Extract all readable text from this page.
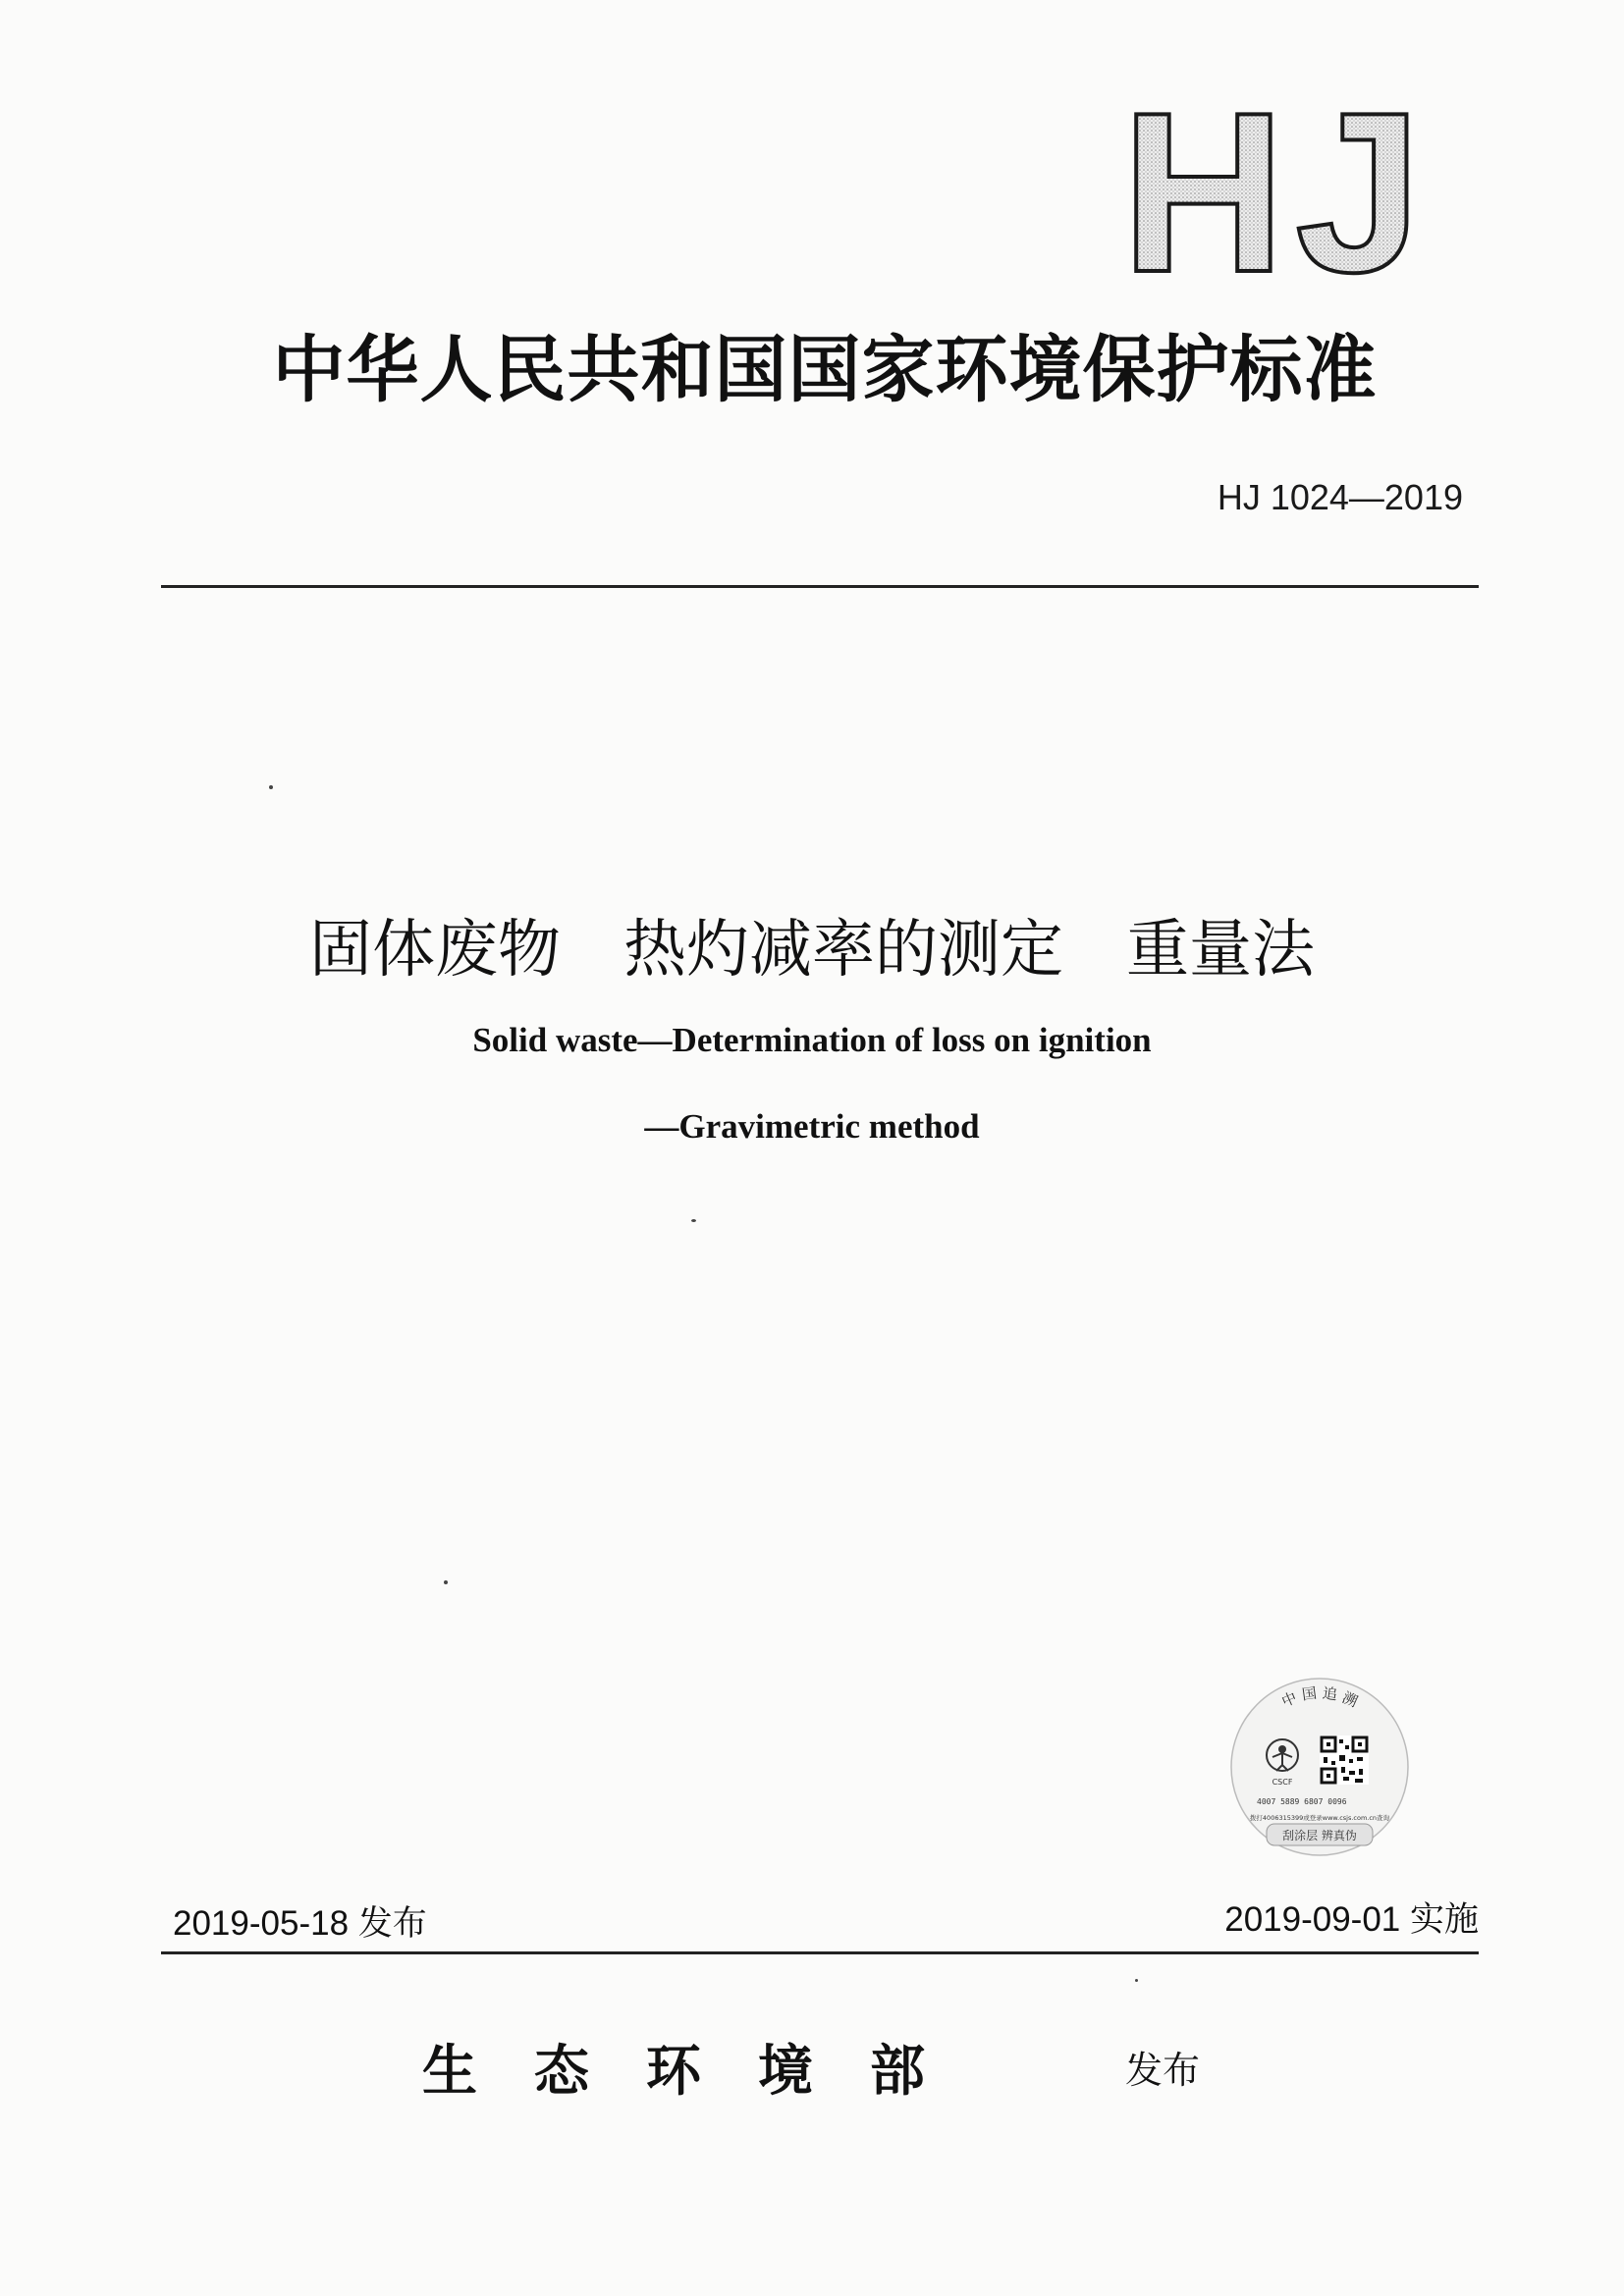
HJ
中华人民共和国国家环境保护标准
HJ 1024—2019
固体废物 热灼减率的测定 重量法
Solid waste—Determination of loss on ignition
—Gravimetric method
中 国 追 溯
CSCF
4007 5889 6807 0096
拨打4006315399或登录www.csjs.com.cn查询
刮涂层 辨真伪
2019-05-18 发布	2019-09-01 实施
生态环境部	发布
